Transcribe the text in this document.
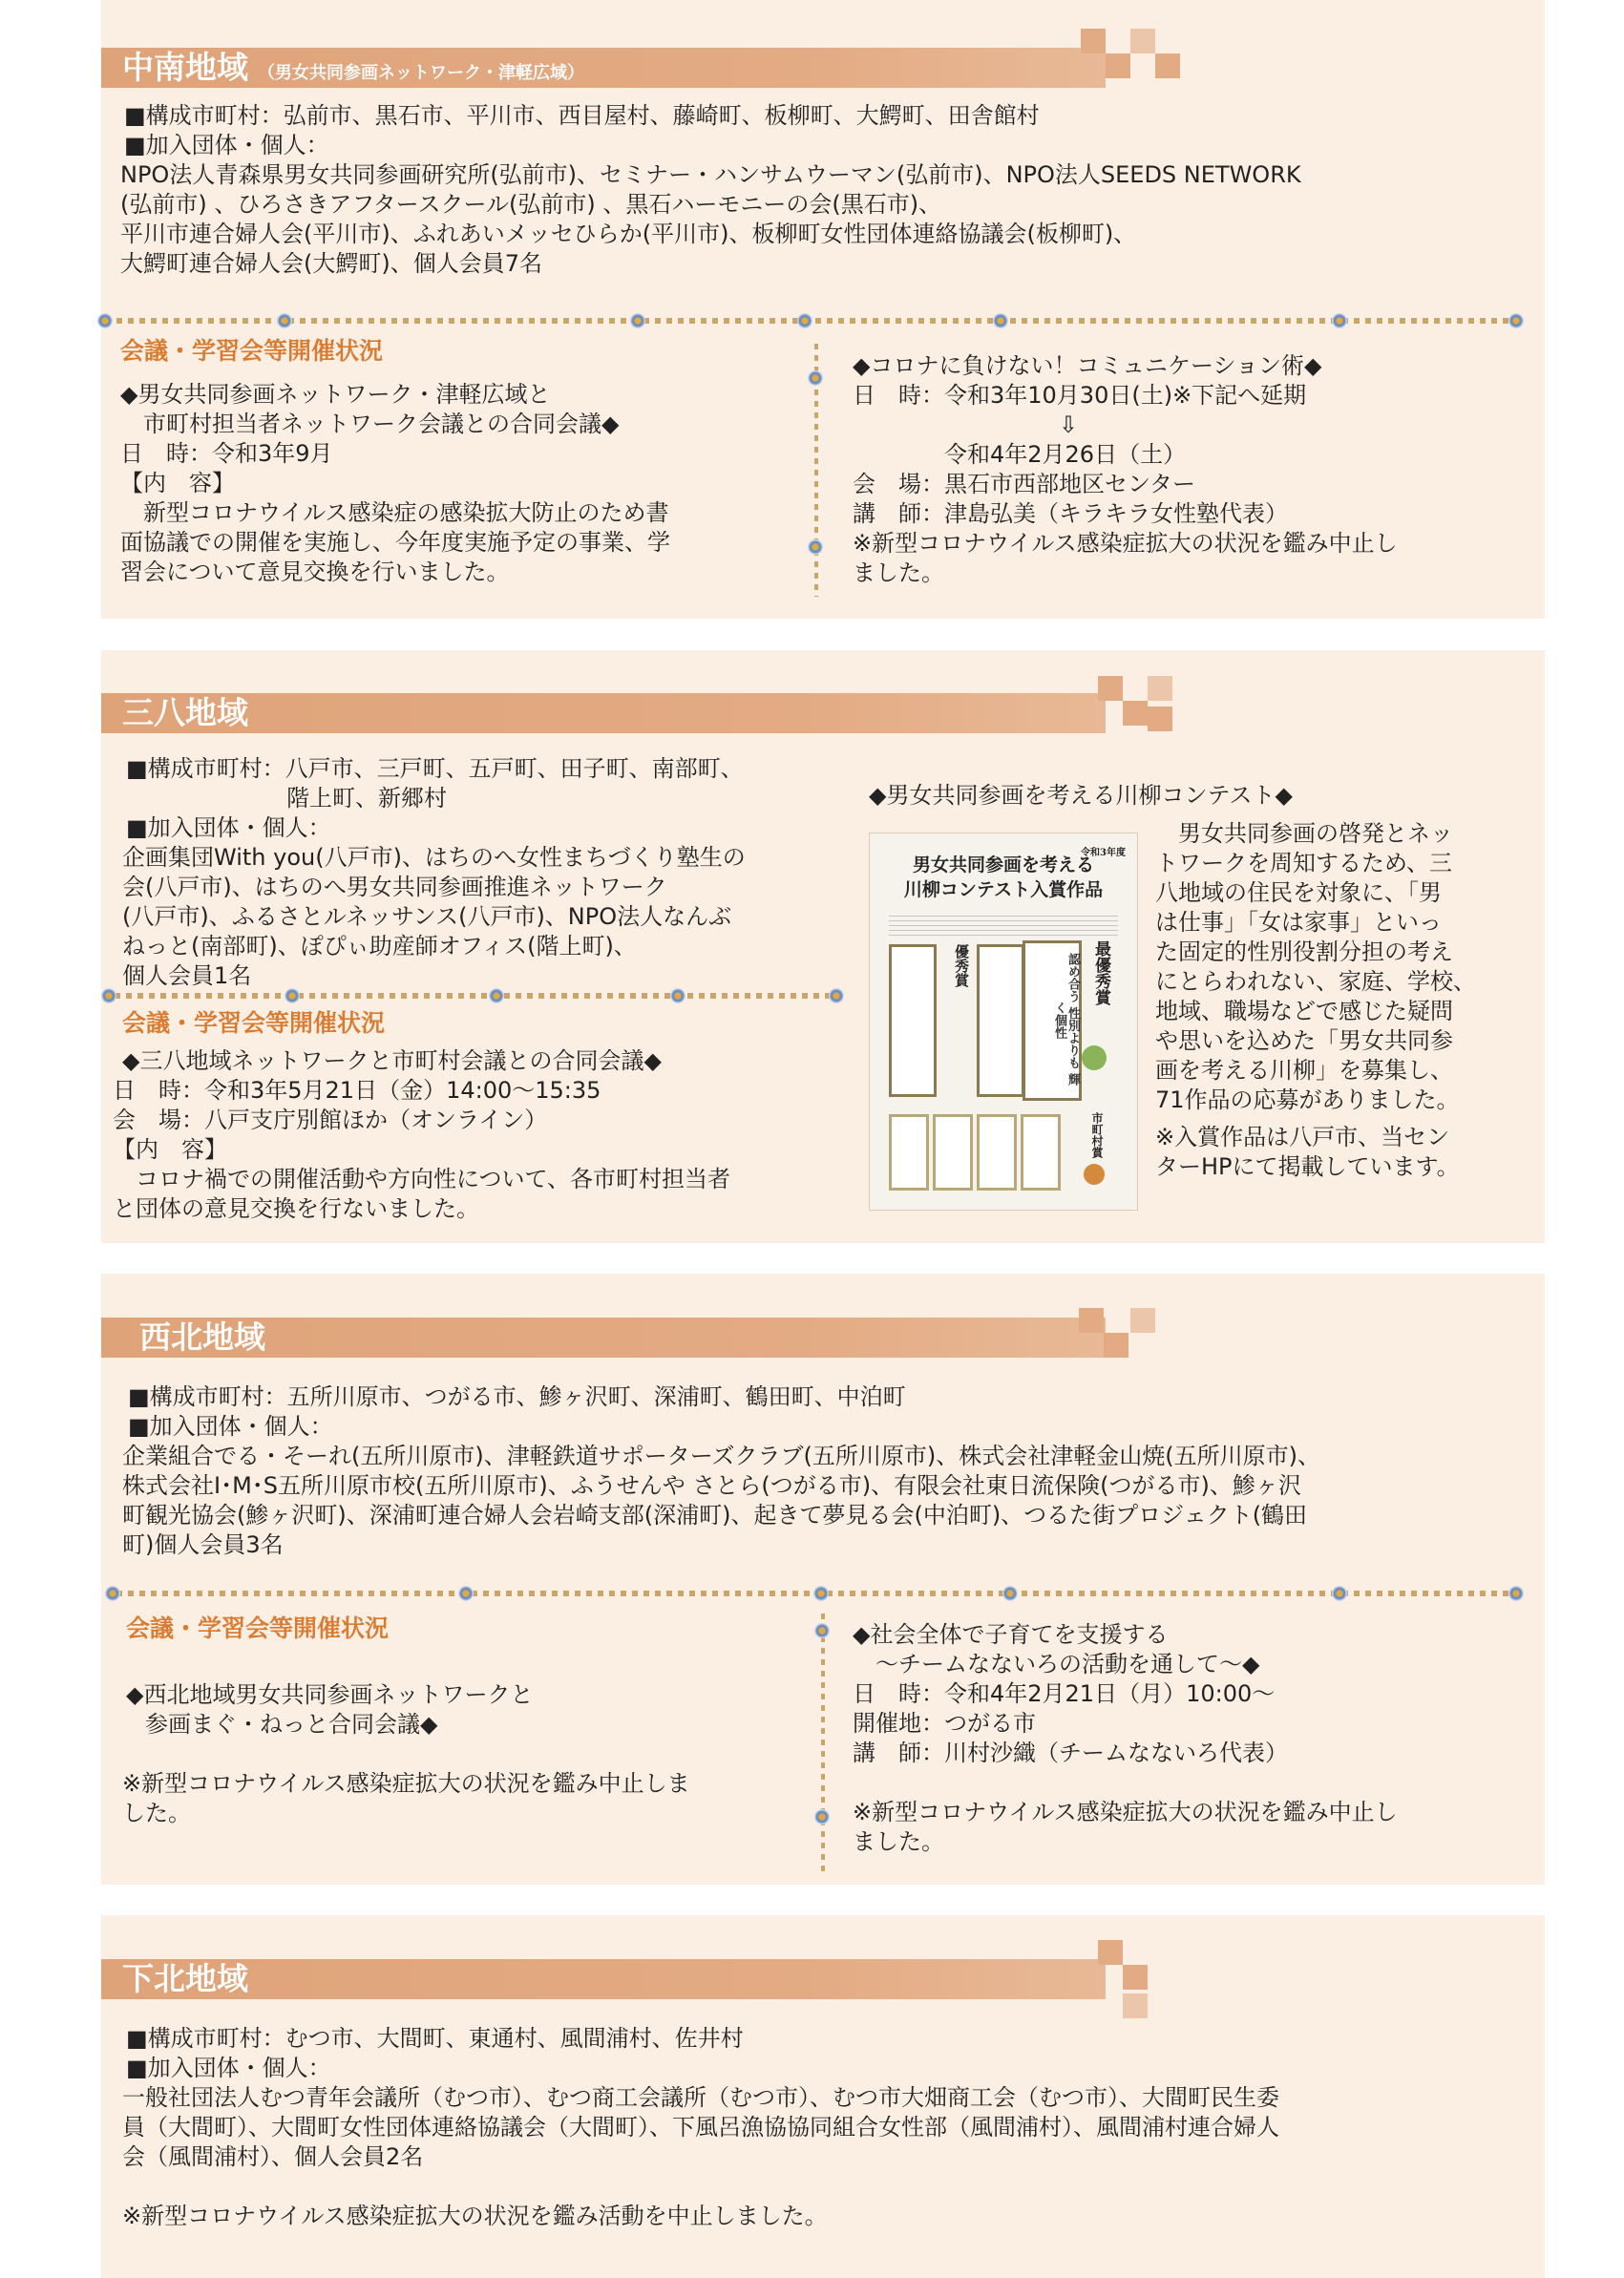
中南地域 （男女共同参画ネットワーク・津軽広域）

■構成市町村：弘前市、黒石市、平川市、西目屋村、藤崎町、板柳町、大鰐町、田舎館村

■加入団体・個人：

NPO法人青森県男女共同参画研究所(弘前市)、セミナー・ハンサムウーマン(弘前市)、NPO法人SEEDS NETWORK

(弘前市) 、ひろさきアフタースクール(弘前市) 、黒石ハーモニーの会(黒石市)、

平川市連合婦人会(平川市)、ふれあいメッセひらか(平川市)、板柳町女性団体連絡協議会(板柳町)、

大鰐町連合婦人会(大鰐町)、個人会員7名

会議・学習会等開催状況

◆男女共同参画ネットワーク・津軽広域と

　市町村担当者ネットワーク会議との合同会議◆

日　時：令和3年9月

【内　容】

　新型コロナウイルス感染症の感染拡大防止のため書

面協議での開催を実施し、今年度実施予定の事業、学

習会について意見交換を行いました。

◆コロナに負けない！コミュニケーション術◆

日　時：令和3年10月30日(土)※下記へ延期

　　　　　　　　　⇩

　　　　令和4年2月26日（土）

会　場：黒石市西部地区センター

講　師：津島弘美（キラキラ女性塾代表）

※新型コロナウイルス感染症拡大の状況を鑑み中止し

ました。

三八地域

■構成市町村：八戸市、三戸町、五戸町、田子町、南部町、

　　　　　　　階上町、新郷村

■加入団体・個人：

企画集団With you(八戸市)、はちのへ女性まちづくり塾生の

会(八戸市)、はちのへ男女共同参画推進ネットワーク

(八戸市)、ふるさとルネッサンス(八戸市)、NPO法人なんぶ

ねっと(南部町)、ぽぴぃ助産師オフィス(階上町)、

個人会員1名

会議・学習会等開催状況

◆三八地域ネットワークと市町村会議との合同会議◆

日　時：令和3年5月21日（金）14:00～15:35

会　場：八戸支庁別館ほか（オンライン）

【内　容】

　コロナ禍での開催活動や方向性について、各市町村担当者

と団体の意見交換を行ないました。

◆男女共同参画を考える川柳コンテスト◆
令和3年度
男女共同参画を考える
川柳コンテスト入賞作品
認め合う 性別よりも 輝く個性
最優秀賞
優秀賞
市町村賞

　男女共同参画の啓発とネッ

トワークを周知するため、三

八地域の住民を対象に、「男

は仕事」「女は家事」といっ

た固定的性別役割分担の考え

にとらわれない、家庭、学校、

地域、職場などで感じた疑問

や思いを込めた「男女共同参

画を考える川柳」を募集し、

71作品の応募がありました。

※入賞作品は八戸市、当セン

ターHPにて掲載しています。

西北地域

■構成市町村：五所川原市、つがる市、鯵ヶ沢町、深浦町、鶴田町、中泊町

■加入団体・個人：

企業組合でる・そーれ(五所川原市)、津軽鉄道サポーターズクラブ(五所川原市)、株式会社津軽金山焼(五所川原市)、

株式会社I･M･S五所川原市校(五所川原市)、ふうせんや さとら(つがる市)、有限会社東日流保険(つがる市)、鯵ヶ沢

町観光協会(鯵ヶ沢町)、深浦町連合婦人会岩崎支部(深浦町)、起きて夢見る会(中泊町)、つるた街プロジェクト(鶴田

町)個人会員3名

会議・学習会等開催状況

◆西北地域男女共同参画ネットワークと

　参画まぐ・ねっと合同会議◆

※新型コロナウイルス感染症拡大の状況を鑑み中止しま

した。

◆社会全体で子育てを支援する

　～チームなないろの活動を通して～◆

日　時：令和4年2月21日（月）10:00～

開催地：つがる市

講　師：川村沙織（チームなないろ代表）

※新型コロナウイルス感染症拡大の状況を鑑み中止し

ました。

下北地域

■構成市町村：むつ市、大間町、東通村、風間浦村、佐井村

■加入団体・個人：

一般社団法人むつ青年会議所（むつ市）、むつ商工会議所（むつ市）、むつ市大畑商工会（むつ市）、大間町民生委

員（大間町）、大間町女性団体連絡協議会（大間町）、下風呂漁協協同組合女性部（風間浦村）、風間浦村連合婦人

会（風間浦村）、個人会員2名

※新型コロナウイルス感染症拡大の状況を鑑み活動を中止しました。
